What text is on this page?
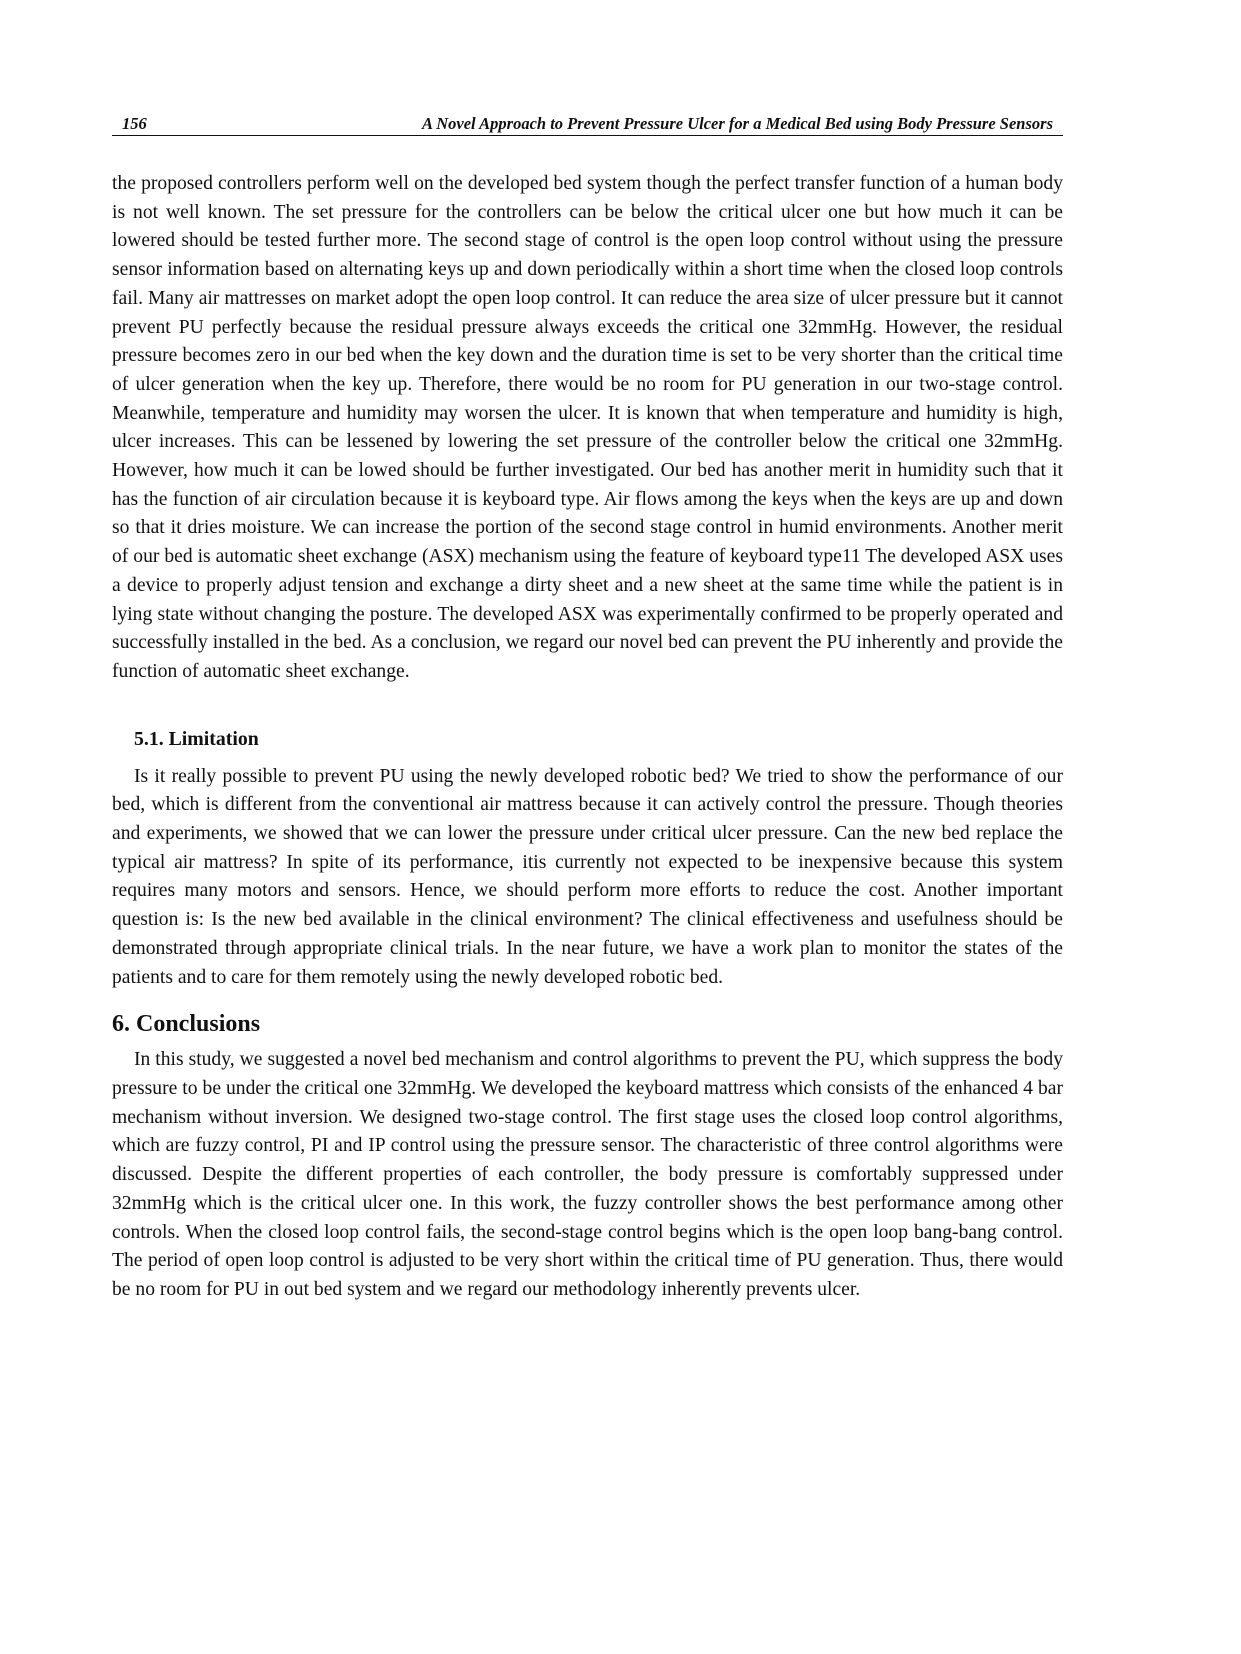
156	A Novel Approach to Prevent Pressure Ulcer for a Medical Bed using Body Pressure Sensors

the proposed controllers perform well on the developed bed system though the perfect transfer function of a human body is not well known. The set pressure for the controllers can be below the critical ulcer one but how much it can be lowered should be tested further more. The second stage of control is the open loop control without using the pressure sensor information based on alternating keys up and down periodically within a short time when the closed loop controls fail. Many air mattresses on market adopt the open loop control. It can reduce the area size of ulcer pressure but it cannot prevent PU perfectly because the residual pressure always exceeds the critical one 32mmHg. However, the residual pressure becomes zero in our bed when the key down and the duration time is set to be very shorter than the critical time of ulcer generation when the key up. Therefore, there would be no room for PU generation in our two-stage control. Meanwhile, temperature and humidity may worsen the ulcer. It is known that when temperature and humidity is high, ulcer increases. This can be lessened by lowering the set pressure of the controller below the critical one 32mmHg. However, how much it can be lowed should be further investigated. Our bed has another merit in humidity such that it has the function of air circulation because it is keyboard type. Air flows among the keys when the keys are up and down so that it dries moisture. We can increase the portion of the second stage control in humid environments. Another merit of our bed is automatic sheet exchange (ASX) mechanism using the feature of keyboard type11 The developed ASX uses a device to properly adjust tension and exchange a dirty sheet and a new sheet at the same time while the patient is in lying state without changing the posture. The developed ASX was experimentally confirmed to be properly operated and successfully installed in the bed. As a conclusion, we regard our novel bed can prevent the PU inherently and provide the function of automatic sheet exchange.

5.1. Limitation

Is it really possible to prevent PU using the newly developed robotic bed? We tried to show the performance of our bed, which is different from the conventional air mattress because it can actively control the pressure. Though theories and experiments, we showed that we can lower the pressure under critical ulcer pressure. Can the new bed replace the typical air mattress? In spite of its performance, itis currently not expected to be inexpensive because this system requires many motors and sensors. Hence, we should perform more efforts to reduce the cost. Another important question is: Is the new bed available in the clinical environment? The clinical effectiveness and usefulness should be demonstrated through appropriate clinical trials. In the near future, we have a work plan to monitor the states of the patients and to care for them remotely using the newly developed robotic bed.

6. Conclusions

In this study, we suggested a novel bed mechanism and control algorithms to prevent the PU, which suppress the body pressure to be under the critical one 32mmHg. We developed the keyboard mattress which consists of the enhanced 4 bar mechanism without inversion. We designed two-stage control. The first stage uses the closed loop control algorithms, which are fuzzy control, PI and IP control using the pressure sensor. The characteristic of three control algorithms were discussed. Despite the different properties of each controller, the body pressure is comfortably suppressed under 32mmHg which is the critical ulcer one. In this work, the fuzzy controller shows the best performance among other controls. When the closed loop control fails, the second-stage control begins which is the open loop bang-bang control. The period of open loop control is adjusted to be very short within the critical time of PU generation. Thus, there would be no room for PU in out bed system and we regard our methodology inherently prevents ulcer.
